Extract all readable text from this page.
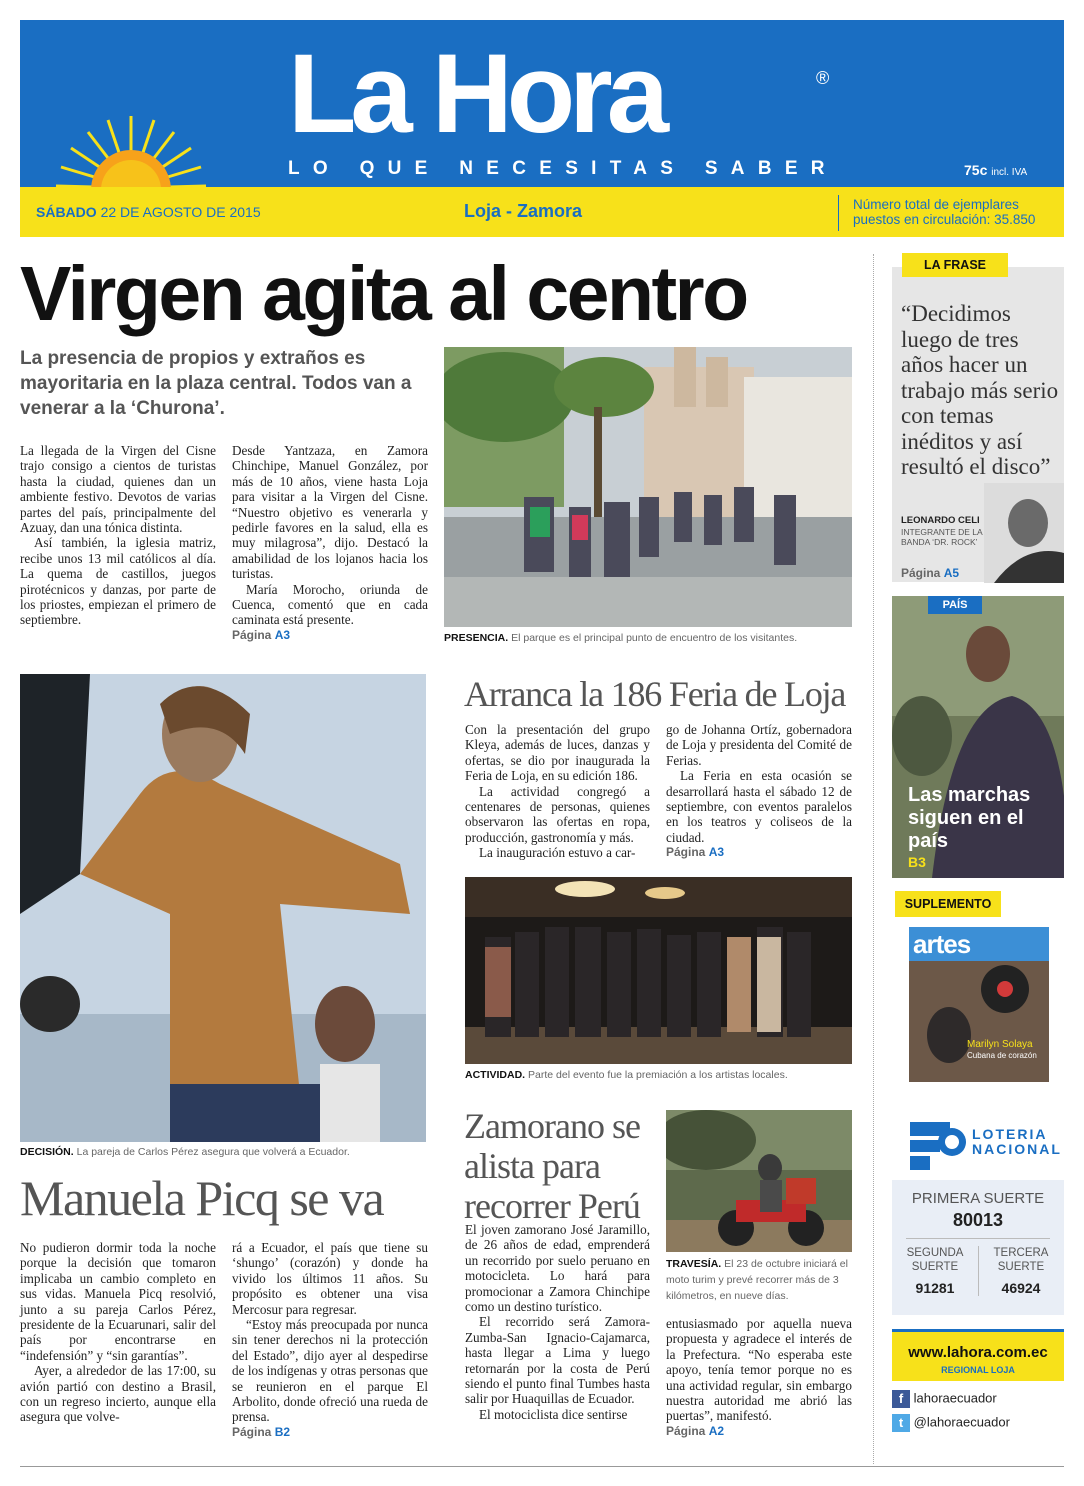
La Hora	®
LO QUE NECESITAS SABER	75c incl. IVA
SÁBADO 22 DE AGOSTO DE 2015	Loja - Zamora	Número total de ejemplares
puestos en circulación: 35.850
Virgen agita al centro
La presencia de propios y extraños es mayoritaria en la plaza central. Todos van a venerar a la ‘Churona’.

La llegada de la Virgen del Cisne trajo consigo a cientos de turistas hasta la ciudad, quienes dan un ambiente festivo. Devotos de varias partes del país, principalmente del Azuay, dan una tónica distinta.

Así también, la iglesia matriz, recibe unos 13 mil católicos al día. La quema de castillos, juegos pirotécnicos y danzas, por parte de los priostes, empiezan el primero de septiembre.

Desde Yantzaza, en Zamora Chinchipe, Manuel González, por más de 10 años, viene hasta Loja para visitar a la Virgen del Cisne. “Nuestro objetivo es venerarla y pedirle favores en la salud, ella es muy milagrosa”, dijo. Destacó la amabilidad de los lojanos hacia los turistas.

María Morocho, oriunda de Cuenca, comentó que en cada caminata está presente.

Página A3	PRESENCIA. El parque es el principal punto de encuentro de los visitantes.
LA FRASE
“Decidimos luego de tres años hacer un trabajo más serio con temas inéditos y así resultó el disco”
LEONARDO CELI
INTEGRANTE DE LA BANDA ‘DR. ROCK’
Página A5
PAÍS
Las marchas siguen en el país
B3
SUPLEMENTO
artes
Marilyn Solaya
Cubana de corazón
LOTERIA
NACIONAL
PRIMERA SUERTE
80013
SEGUNDA
SUERTE
91281
TERCERA
SUERTE
46924
www.lahora.com.ec
REGIONAL LOJA
f lahoraecuador
t @lahoraecuador
DECISIÓN. La pareja de Carlos Pérez asegura que volverá a Ecuador.
Manuela Picq se va

No pudieron dormir toda la noche porque la decisión que tomaron implicaba un cambio completo en sus vidas. Manuela Picq resolvió, junto a su pareja Carlos Pérez, presidente de la Ecuarunari, salir del país por encontrarse en “indefensión” y “sin garantías”.

Ayer, a alrededor de las 17:00, su avión partió con destino a Brasil, con un regreso incierto, aunque ella asegura que volve-

rá a Ecuador, el país que tiene su ‘shungo’ (corazón) y donde ha vivido los últimos 11 años. Su propósito es obtener una visa Mercosur para regresar.

“Estoy más preocupada por nunca sin tener derechos ni la protección del Estado”, dijo ayer al despedirse de los indígenas y otras personas que se reunieron en el parque El Arbolito, donde ofreció una rueda de prensa.

Página B2
Arranca la 186 Feria de Loja

Con la presentación del grupo Kleya, además de luces, danzas y ofertas, se dio por inaugurada la Feria de Loja, en su edición 186.

La actividad congregó a centenares de personas, quienes observaron las ofertas en ropa, producción, gastronomía y más.

La inauguración estuvo a car-

go de Johanna Ortíz, gobernadora de Loja y presidenta del Comité de Ferias.

La Feria en esta ocasión se desarrollará hasta el sábado 12 de septiembre, con eventos paralelos en los teatros y coliseos de la ciudad.

Página A3
ACTIVIDAD. Parte del evento fue la premiación a los artistas locales.
Zamorano se alista para recorrer Perú

El joven zamorano José Jaramillo, de 26 años de edad, emprenderá un recorrido por suelo peruano en motocicleta. Lo hará para promocionar a Zamora Chinchipe como un destino turístico.

El recorrido será Zamora-Zumba-San Ignacio-Cajamarca, hasta llegar a Lima y luego retornarán por la costa de Perú siendo el punto final Tumbes hasta salir por Huaquillas de Ecuador.

El motociclista dice sentirse

TRAVESÍA. El 23 de octubre iniciará el moto turim y prevé recorrer más de 3 kilómetros, en nueve días.

entusiasmado por aquella nueva propuesta y agradece el interés de la Prefectura. “No esperaba este apoyo, tenía temor porque no es una actividad regular, sin embargo nuestra autoridad me abrió las puertas”, manifestó.

Página A2
